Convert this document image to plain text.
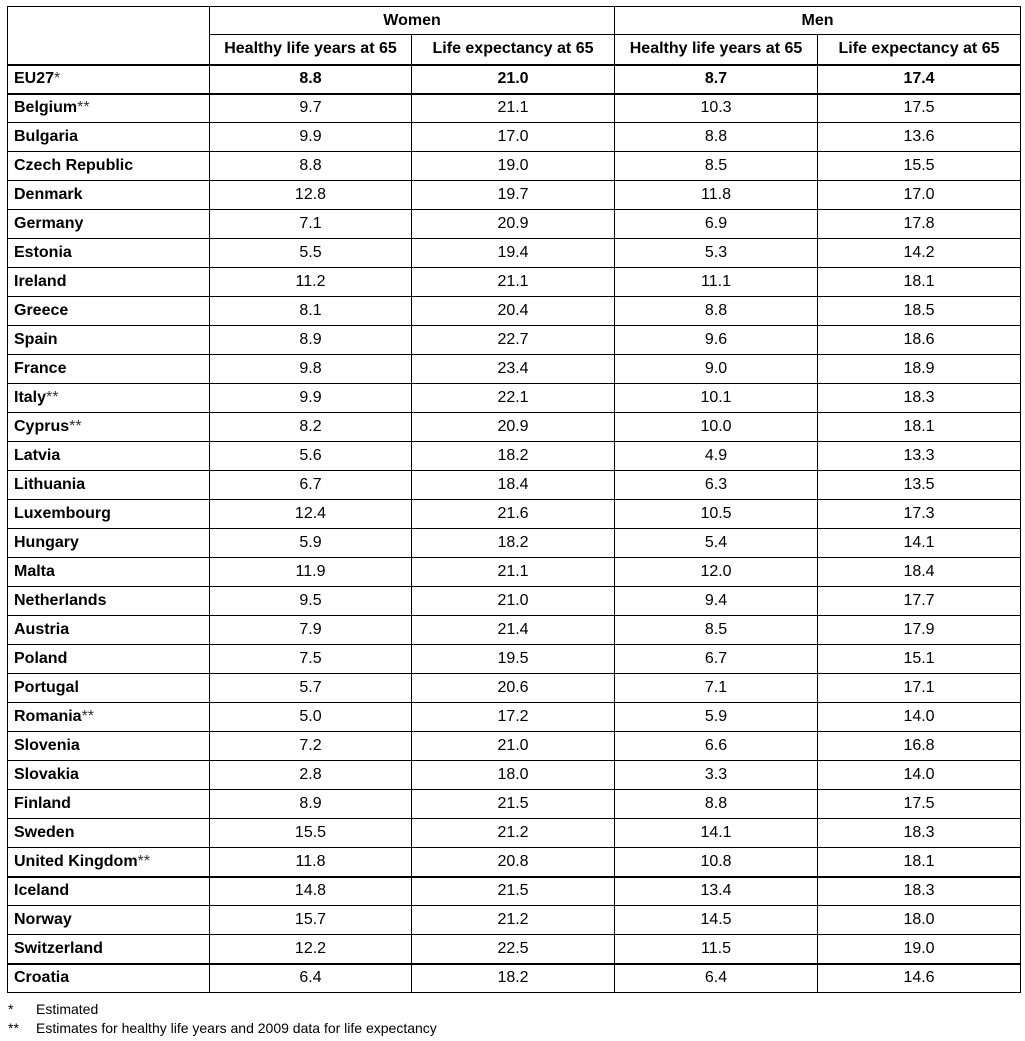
	Women		Men	
	Healthy life years at 65	Life expectancy at 65	Healthy life years at 65	Life expectancy at 65
EU27*	8.8	21.0	8.7	17.4
Belgium**	9.7	21.1	10.3	17.5
Bulgaria	9.9	17.0	8.8	13.6
Czech Republic	8.8	19.0	8.5	15.5
Denmark	12.8	19.7	11.8	17.0
Germany	7.1	20.9	6.9	17.8
Estonia	5.5	19.4	5.3	14.2
Ireland	11.2	21.1	11.1	18.1
Greece	8.1	20.4	8.8	18.5
Spain	8.9	22.7	9.6	18.6
France	9.8	23.4	9.0	18.9
Italy**	9.9	22.1	10.1	18.3
Cyprus**	8.2	20.9	10.0	18.1
Latvia	5.6	18.2	4.9	13.3
Lithuania	6.7	18.4	6.3	13.5
Luxembourg	12.4	21.6	10.5	17.3
Hungary	5.9	18.2	5.4	14.1
Malta	11.9	21.1	12.0	18.4
Netherlands	9.5	21.0	9.4	17.7
Austria	7.9	21.4	8.5	17.9
Poland	7.5	19.5	6.7	15.1
Portugal	5.7	20.6	7.1	17.1
Romania**	5.0	17.2	5.9	14.0
Slovenia	7.2	21.0	6.6	16.8
Slovakia	2.8	18.0	3.3	14.0
Finland	8.9	21.5	8.8	17.5
Sweden	15.5	21.2	14.1	18.3
United Kingdom**	11.8	20.8	10.8	18.1
Iceland	14.8	21.5	13.4	18.3
Norway	15.7	21.2	14.5	18.0
Switzerland	12.2	22.5	11.5	19.0
Croatia	6.4	18.2	6.4	14.6
*	Estimated
**	Estimates for healthy life years and 2009 data for life expectancy
